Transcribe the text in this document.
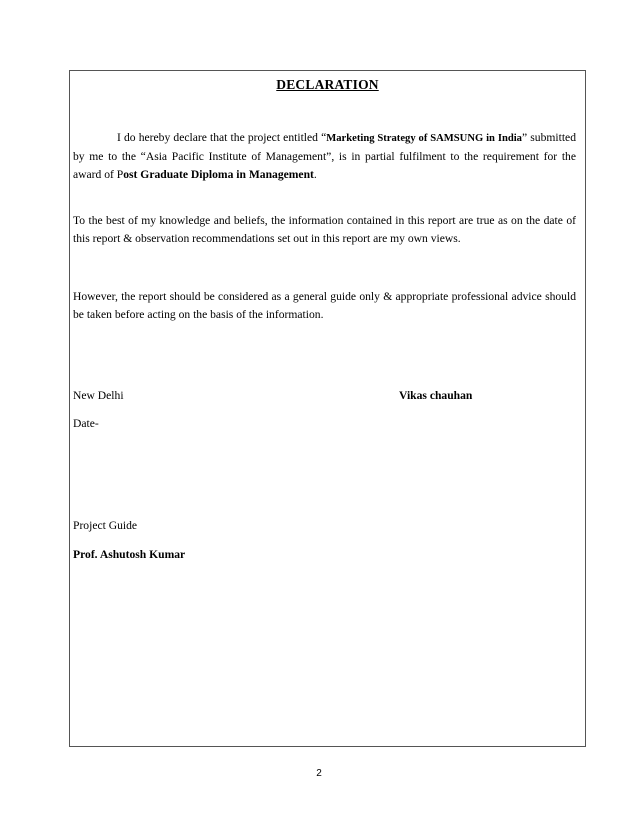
DECLARATION
I do hereby declare that the project entitled “Marketing Strategy of SAMSUNG in India” submitted by me to the “Asia Pacific Institute of Management”, is in partial fulfilment to the requirement for the award of Post Graduate Diploma in Management.
To the best of my knowledge and beliefs, the information contained in this report are true as on the date of this report & observation recommendations set out in this report are my own views.
However, the report should be considered as a general guide only & appropriate professional advice should be taken before acting on the basis of the information.
New Delhi	Vikas chauhan
Date-
Project Guide
Prof. Ashutosh Kumar
2
